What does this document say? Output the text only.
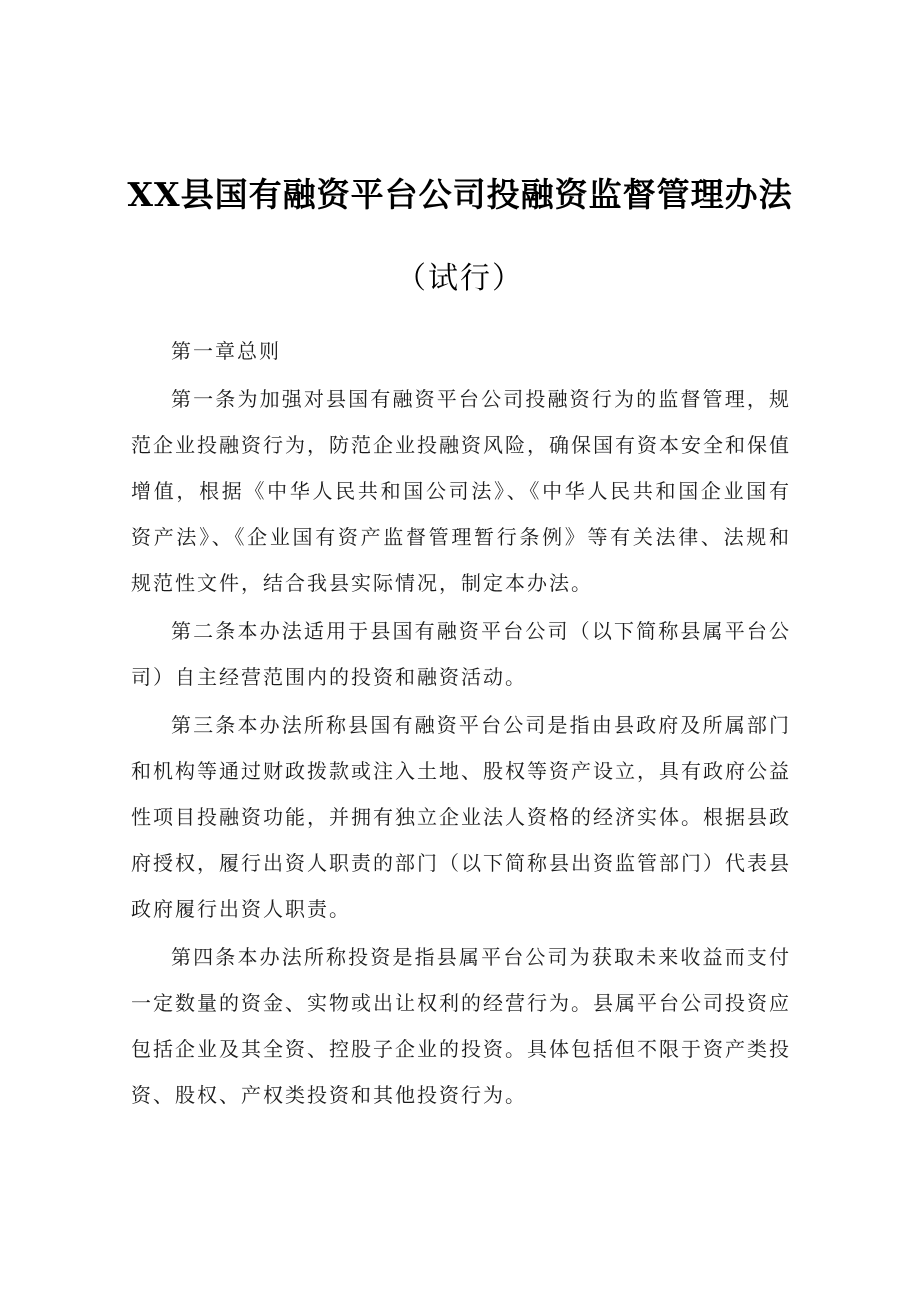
XX县国有融资平台公司投融资监督管理办法
（试行）

第一章总则

第一条为加强对县国有融资平台公司投融资行为的监督管理，规范企业投融资行为，防范企业投融资风险，确保国有资本安全和保值增值，根据《中华人民共和国公司法》、《中华人民共和国企业国有资产法》、《企业国有资产监督管理暂行条例》等有关法律、法规和规范性文件，结合我县实际情况，制定本办法。

第二条本办法适用于县国有融资平台公司（以下简称县属平台公司）自主经营范围内的投资和融资活动。

第三条本办法所称县国有融资平台公司是指由县政府及所属部门和机构等通过财政拨款或注入土地、股权等资产设立，具有政府公益性项目投融资功能，并拥有独立企业法人资格的经济实体。根据县政府授权，履行出资人职责的部门（以下简称县出资监管部门）代表县政府履行出资人职责。

第四条本办法所称投资是指县属平台公司为获取未来收益而支付一定数量的资金、实物或出让权利的经营行为。县属平台公司投资应包括企业及其全资、控股子企业的投资。具体包括但不限于资产类投资、股权、产权类投资和其他投资行为。
